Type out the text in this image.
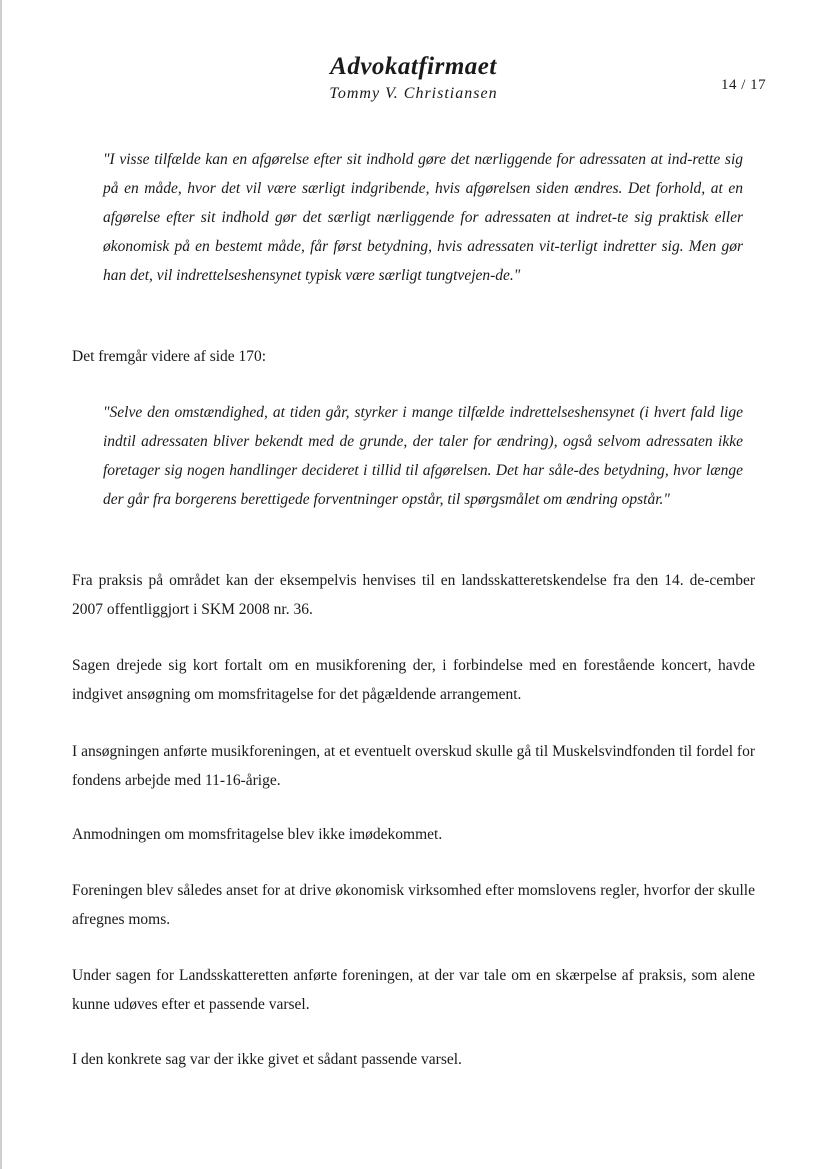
Advokatfirmaet
Tommy V. Christiansen	14 / 17

"I visse tilfælde kan en afgørelse efter sit indhold gøre det nærliggende for adressaten at ind-rette sig på en måde, hvor det vil være særligt indgribende, hvis afgørelsen siden ændres. Det forhold, at en afgørelse efter sit indhold gør det særligt nærliggende for adressaten at indret-te sig praktisk eller økonomisk på en bestemt måde, får først betydning, hvis adressaten vit-terligt indretter sig. Men gør han det, vil indrettelseshensynet typisk være særligt tungtvejen-de."

Det fremgår videre af side 170:

"Selve den omstændighed, at tiden går, styrker i mange tilfælde indrettelseshensynet (i hvert fald lige indtil adressaten bliver bekendt med de grunde, der taler for ændring), også selvom adressaten ikke foretager sig nogen handlinger decideret i tillid til afgørelsen. Det har såle-des betydning, hvor længe der går fra borgerens berettigede forventninger opstår, til spørgsmålet om ændring opstår."

Fra praksis på området kan der eksempelvis henvises til en landsskatteretskendelse fra den 14. de-cember 2007 offentliggjort i SKM 2008 nr. 36.

Sagen drejede sig kort fortalt om en musikforening der, i forbindelse med en forestående koncert, havde indgivet ansøgning om momsfritagelse for det pågældende arrangement.

I ansøgningen anførte musikforeningen, at et eventuelt overskud skulle gå til Muskelsvindfonden til fordel for fondens arbejde med 11-16-årige.

Anmodningen om momsfritagelse blev ikke imødekommet.

Foreningen blev således anset for at drive økonomisk virksomhed efter momslovens regler, hvorfor der skulle afregnes moms.

Under sagen for Landsskatteretten anførte foreningen, at der var tale om en skærpelse af praksis, som alene kunne udøves efter et passende varsel.

I den konkrete sag var der ikke givet et sådant passende varsel.
